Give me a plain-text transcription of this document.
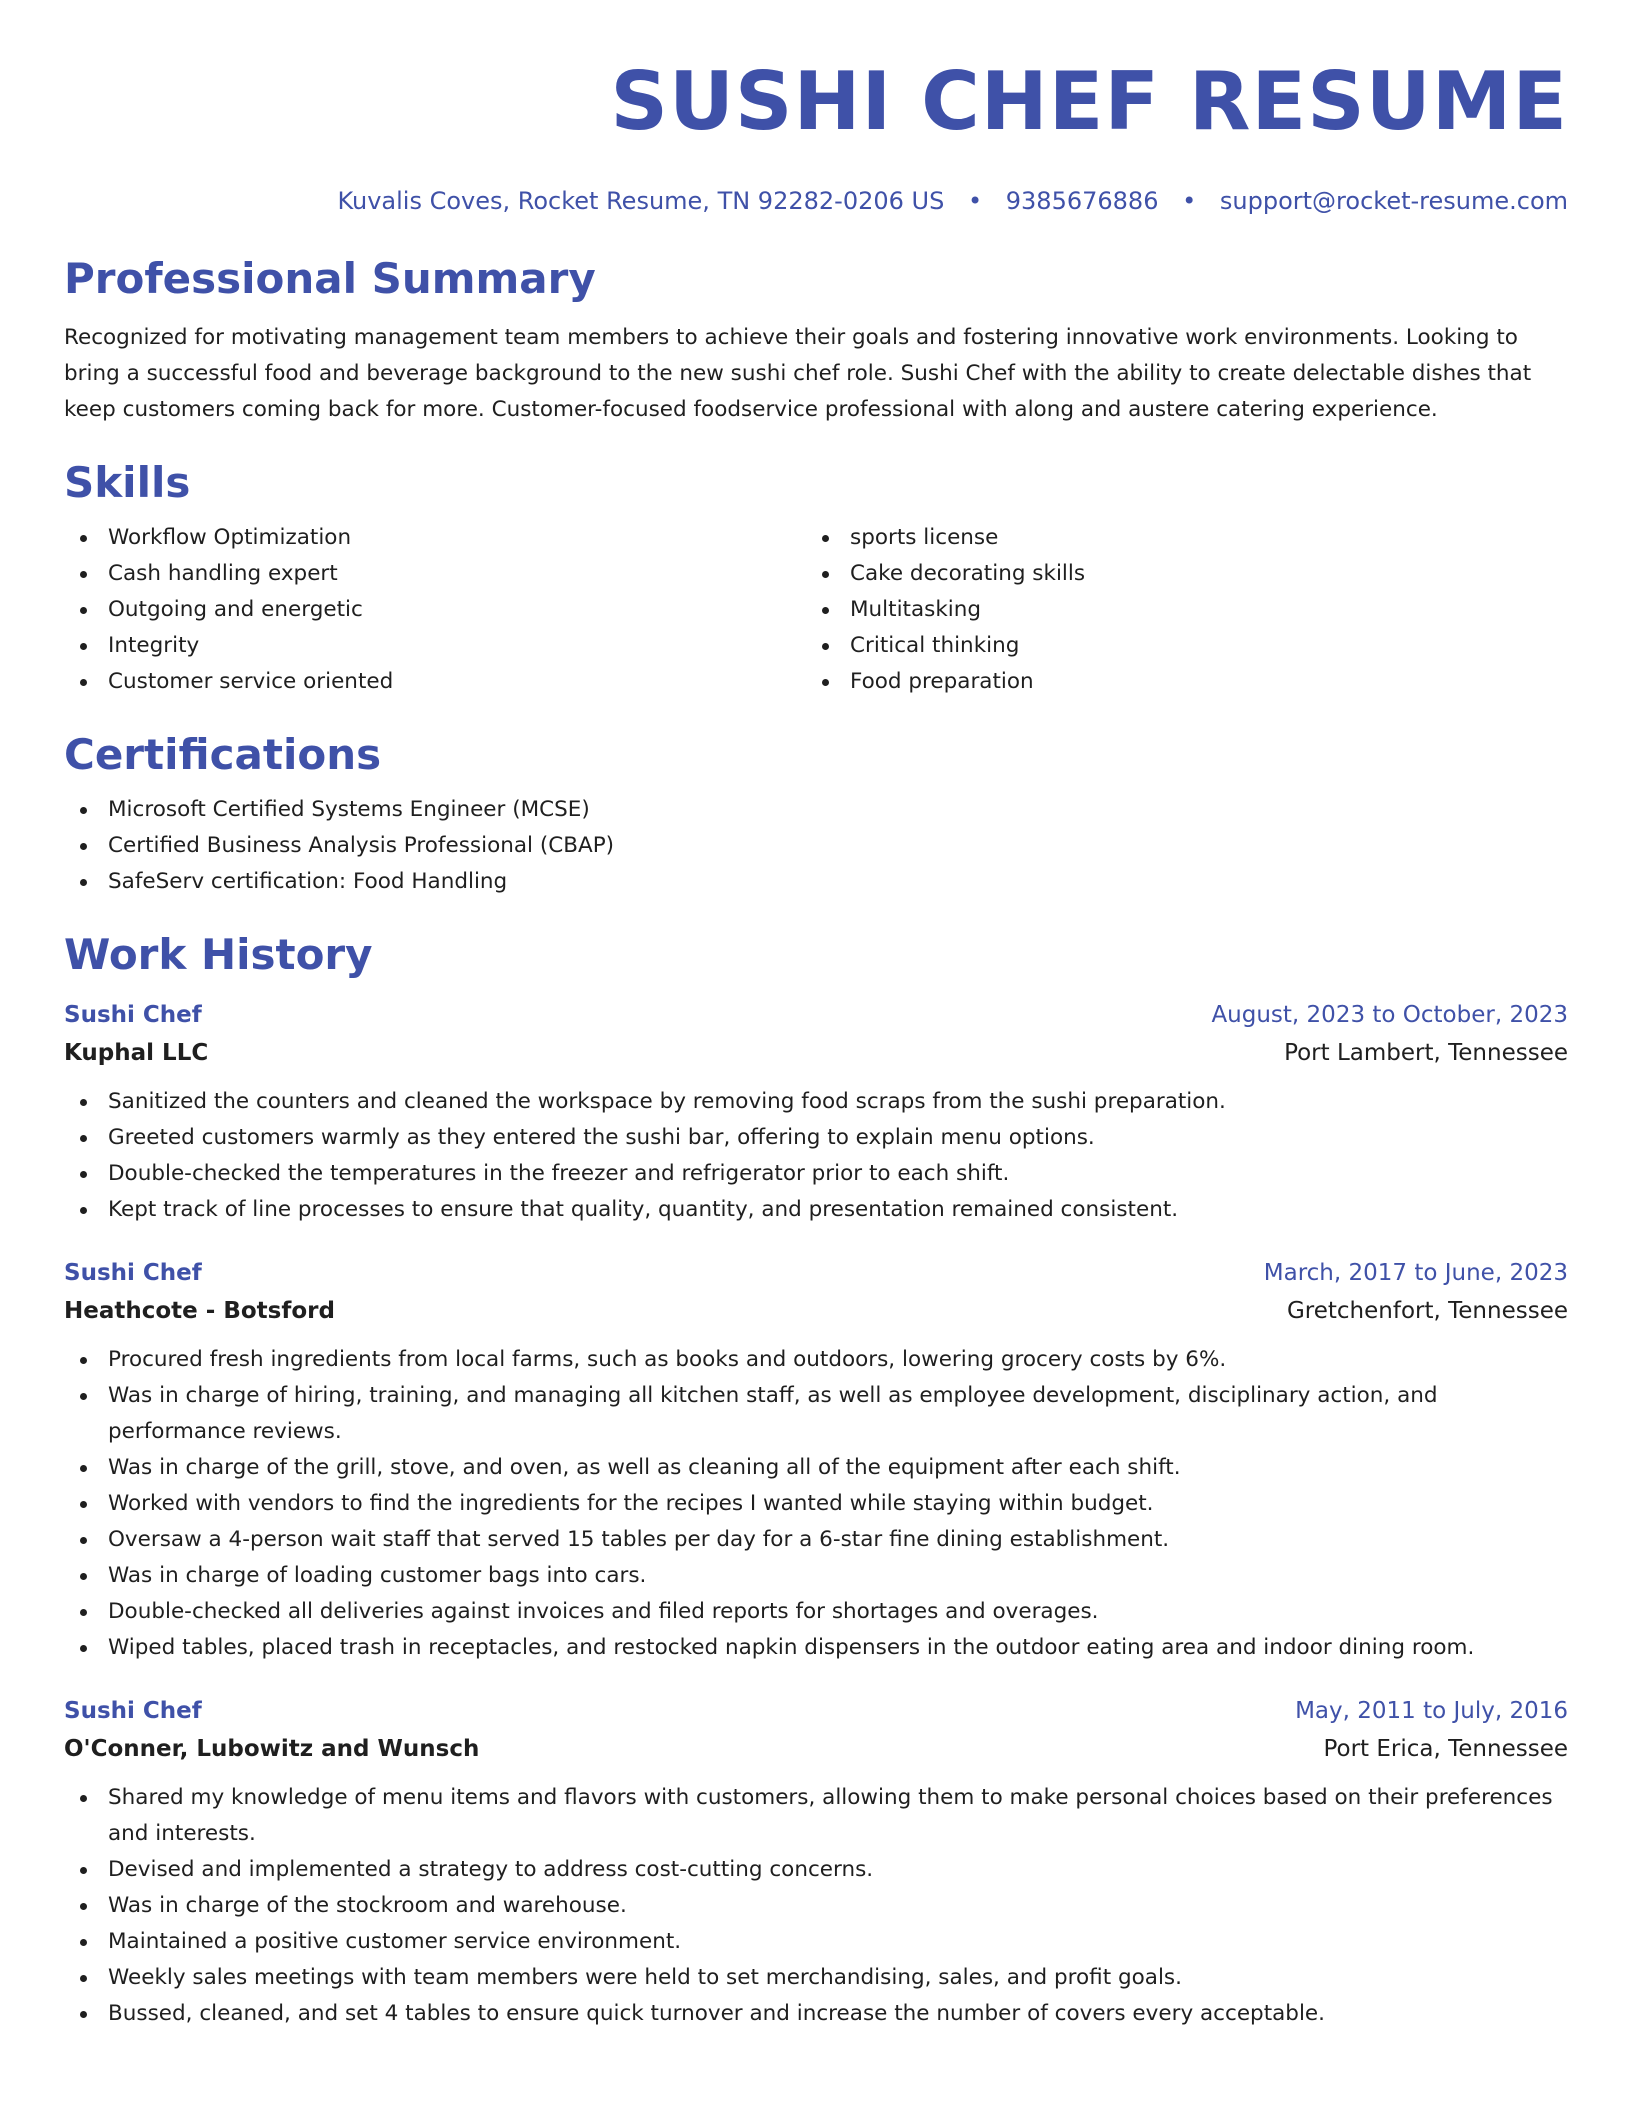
SUSHI CHEF RESUME
Kuvalis Coves, Rocket Resume, TN 92282-0206 US • 9385676886 • support@rocket-resume.com
Professional Summary

Recognized for motivating management team members to achieve their goals and fostering innovative work environments. Looking to bring a successful food and beverage background to the new sushi chef role. Sushi Chef with the ability to create delectable dishes that keep customers coming back for more. Customer-focused foodservice professional with along and austere catering experience.

Skills
Workflow Optimization
Cash handling expert
Outgoing and energetic
Integrity
Customer service oriented
sports license
Cake decorating skills
Multitasking
Critical thinking
Food preparation
Certifications
Microsoft Certified Systems Engineer (MCSE)
Certified Business Analysis Professional (CBAP)
SafeServ certification: Food Handling
Work History
Sushi Chef	August, 2023 to October, 2023
Kuphal LLC	Port Lambert, Tennessee
Sanitized the counters and cleaned the workspace by removing food scraps from the sushi preparation.
Greeted customers warmly as they entered the sushi bar, offering to explain menu options.
Double-checked the temperatures in the freezer and refrigerator prior to each shift.
Kept track of line processes to ensure that quality, quantity, and presentation remained consistent.
Sushi Chef	March, 2017 to June, 2023
Heathcote - Botsford	Gretchenfort, Tennessee
Procured fresh ingredients from local farms, such as books and outdoors, lowering grocery costs by 6%.
Was in charge of hiring, training, and managing all kitchen staff, as well as employee development, disciplinary action, and performance reviews.
Was in charge of the grill, stove, and oven, as well as cleaning all of the equipment after each shift.
Worked with vendors to find the ingredients for the recipes I wanted while staying within budget.
Oversaw a 4-person wait staff that served 15 tables per day for a 6-star fine dining establishment.
Was in charge of loading customer bags into cars.
Double-checked all deliveries against invoices and filed reports for shortages and overages.
Wiped tables, placed trash in receptacles, and restocked napkin dispensers in the outdoor eating area and indoor dining room.
Sushi Chef	May, 2011 to July, 2016
O'Conner, Lubowitz and Wunsch	Port Erica, Tennessee
Shared my knowledge of menu items and flavors with customers, allowing them to make personal choices based on their preferences and interests.
Devised and implemented a strategy to address cost-cutting concerns.
Was in charge of the stockroom and warehouse.
Maintained a positive customer service environment.
Weekly sales meetings with team members were held to set merchandising, sales, and profit goals.
Bussed, cleaned, and set 4 tables to ensure quick turnover and increase the number of covers every acceptable.
